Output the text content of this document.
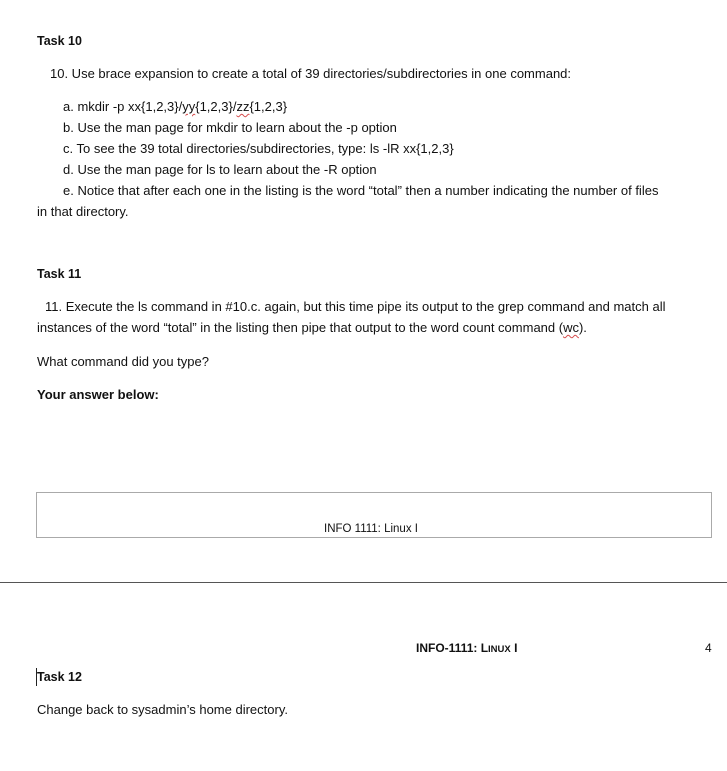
Task 10
10. Use brace expansion to create a total of 39 directories/subdirectories in one command:
a. mkdir -p xx{1,2,3}/yy{1,2,3}/zz{1,2,3}
b. Use the man page for mkdir to learn about the -p option
c. To see the 39 total directories/subdirectories, type: ls -lR xx{1,2,3}
d. Use the man page for ls to learn about the -R option
e. Notice that after each one in the listing is the word “total” then a number indicating the number of files
in that directory.
Task 11
11. Execute the ls command in #10.c. again, but this time pipe its output to the grep command and match all
instances of the word “total” in the listing then pipe that output to the word count command (wc).
What command did you type?
Your answer below:
INFO 1111: Linux I
INFO-1111: LINUX I	4
Task 12
Change back to sysadmin’s home directory.
